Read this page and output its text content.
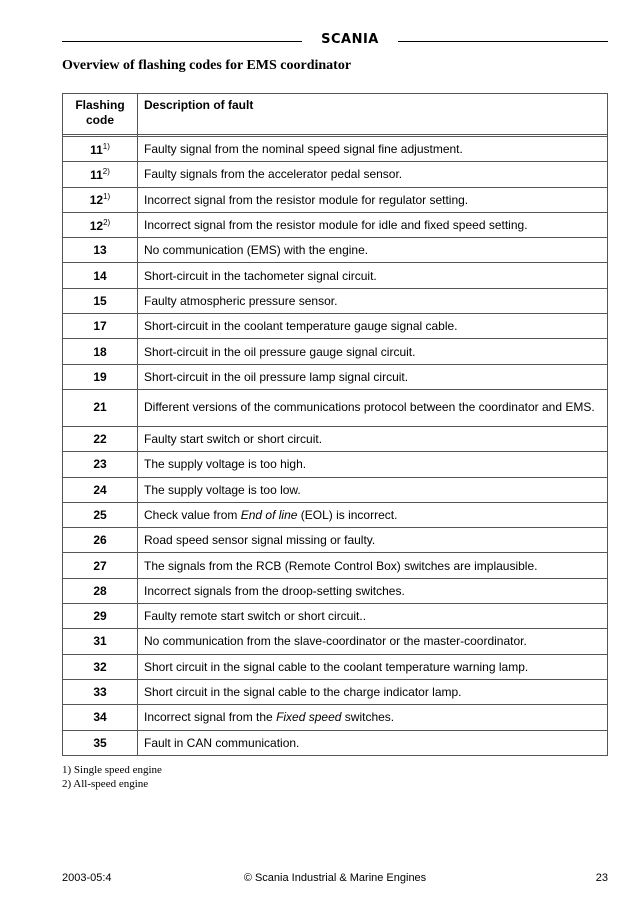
SCANIA
Overview of flashing codes for EMS coordinator
Flashing code	Description of fault

11$^{1)}$	Faulty signal from the nominal speed signal fine adjustment.
11$^{2)}$	Faulty signals from the accelerator pedal sensor.
12$^{1)}$	Incorrect signal from the resistor module for regulator setting.
12$^{2)}$	Incorrect signal from the resistor module for idle and fixed speed setting.
13	No communication (EMS) with the engine.
14	Short-circuit in the tachometer signal circuit.
15	Faulty atmospheric pressure sensor.
17	Short-circuit in the coolant temperature gauge signal cable.
18	Short-circuit in the oil pressure gauge signal circuit.
19	Short-circuit in the oil pressure lamp signal circuit.
21	Different versions of the communications protocol between the coordinator and EMS.
22	Faulty start switch or short circuit.
23	The supply voltage is too high.
24	The supply voltage is too low.
25	Check value from End of line (EOL) is incorrect.
26	Road speed sensor signal missing or faulty.
27	The signals from the RCB (Remote Control Box) switches are implausible.
28	Incorrect signals from the droop-setting switches.
29	Faulty remote start switch or short circuit..
31	No communication from the slave-coordinator or the master-coordinator.
32	Short circuit in the signal cable to the coolant temperature warning lamp.
33	Short circuit in the signal cable to the charge indicator lamp.
34	Incorrect signal from the Fixed speed switches.
35	Fault in CAN communication.
1) Single speed engine
2) All-speed engine
2003-05:4	© Scania Industrial & Marine Engines	23
